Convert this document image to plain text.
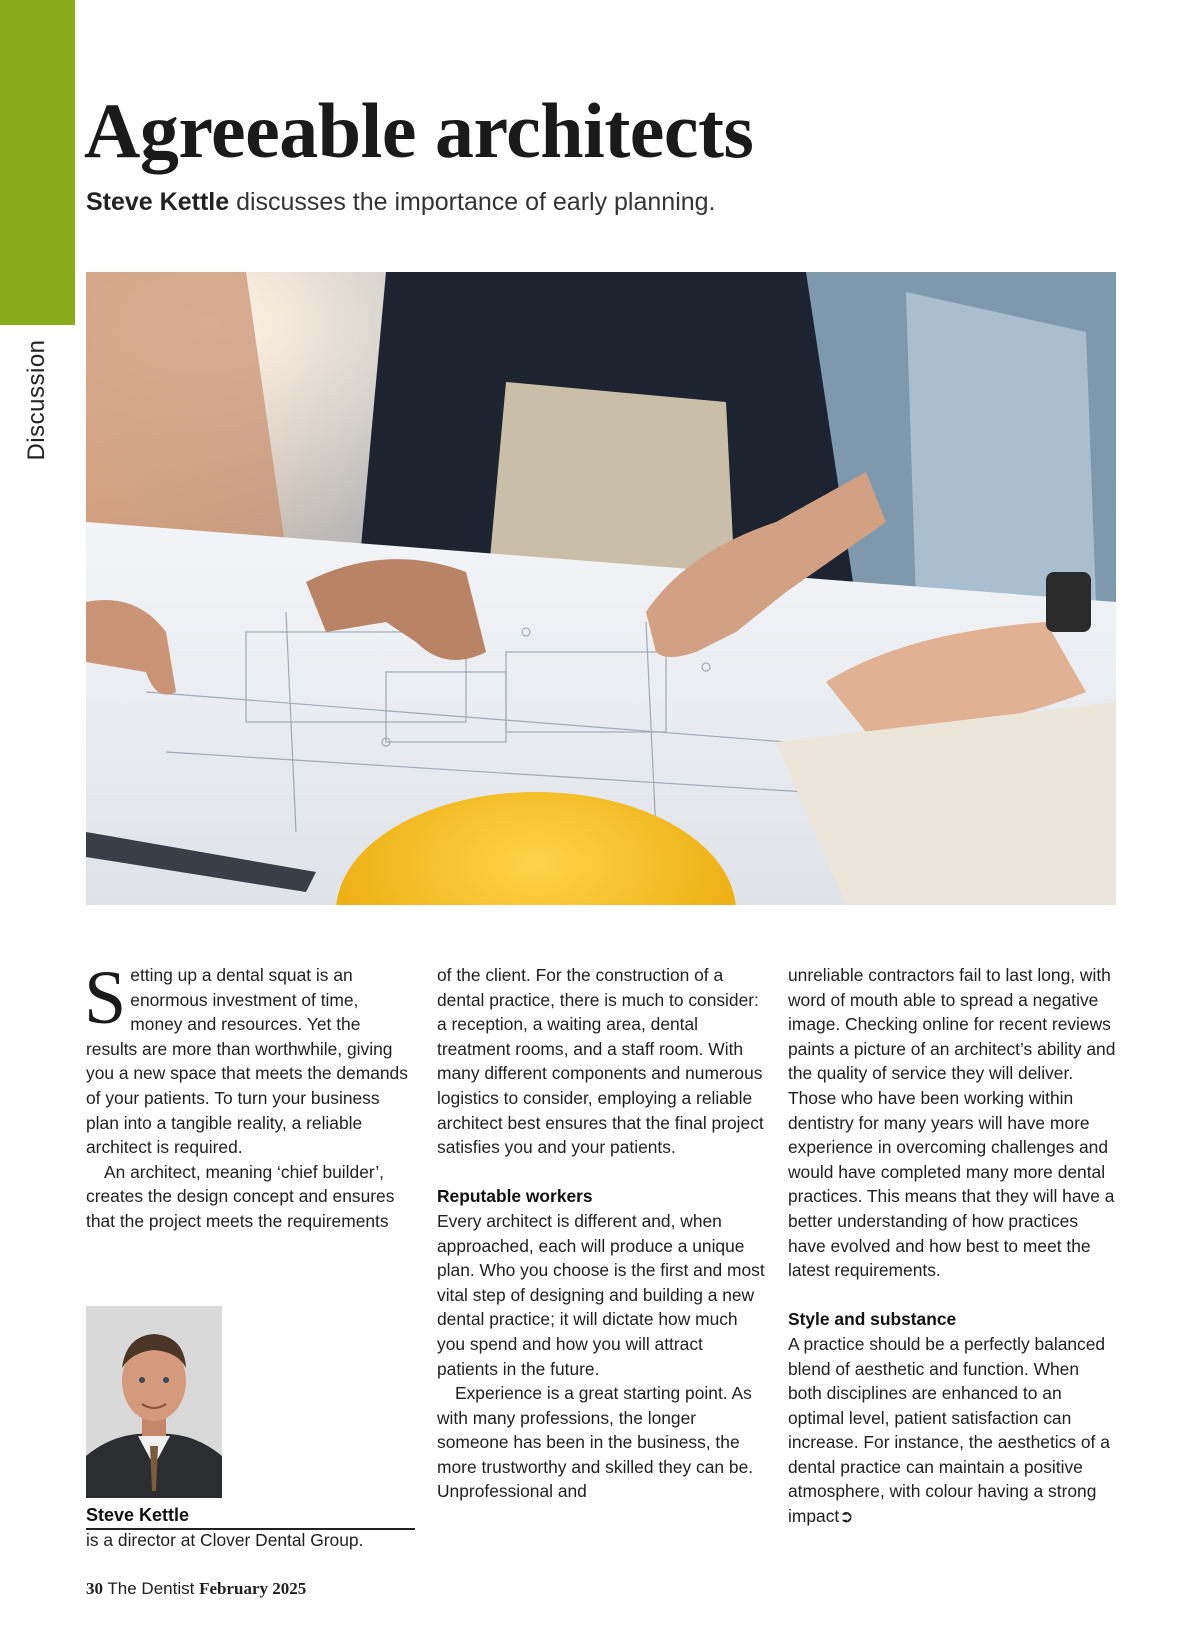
Discussion
Agreeable architects

Steve Kettle discusses the importance of early planning.

Setting up a dental squat is an enormous investment of time, money and resources. Yet the results are more than worthwhile, giving you a new space that meets the demands of your patients. To turn your business plan into a tangible reality, a reliable architect is required.

An architect, meaning ‘chief builder’, creates the design concept and ensures that the project meets the requirements

of the client. For the construction of a dental practice, there is much to consider: a reception, a waiting area, dental treatment rooms, and a staff room. With many different components and numerous logistics to consider, employing a reliable architect best ensures that the final project satisfies you and your patients.

Reputable workers

Every architect is different and, when approached, each will produce a unique plan. Who you choose is the first and most vital step of designing and building a new dental practice; it will dictate how much you spend and how you will attract patients in the future.

Experience is a great starting point. As with many professions, the longer someone has been in the business, the more trustworthy and skilled they can be. Unprofessional and

unreliable contractors fail to last long, with word of mouth able to spread a negative image. Checking online for recent reviews paints a picture of an architect’s ability and the quality of service they will deliver. Those who have been working within dentistry for many years will have more experience in overcoming challenges and would have completed many more dental practices. This means that they will have a better understanding of how practices have evolved and how best to meet the latest requirements.

Style and substance

A practice should be a perfectly balanced blend of aesthetic and function. When both disciplines are enhanced to an optimal level, patient satisfaction can increase. For instance, the aesthetics of a dental practice can maintain a positive atmosphere, with colour having a strong impact➲

Steve Kettle

is a director at Clover Dental Group.

30 The Dentist February 2025
